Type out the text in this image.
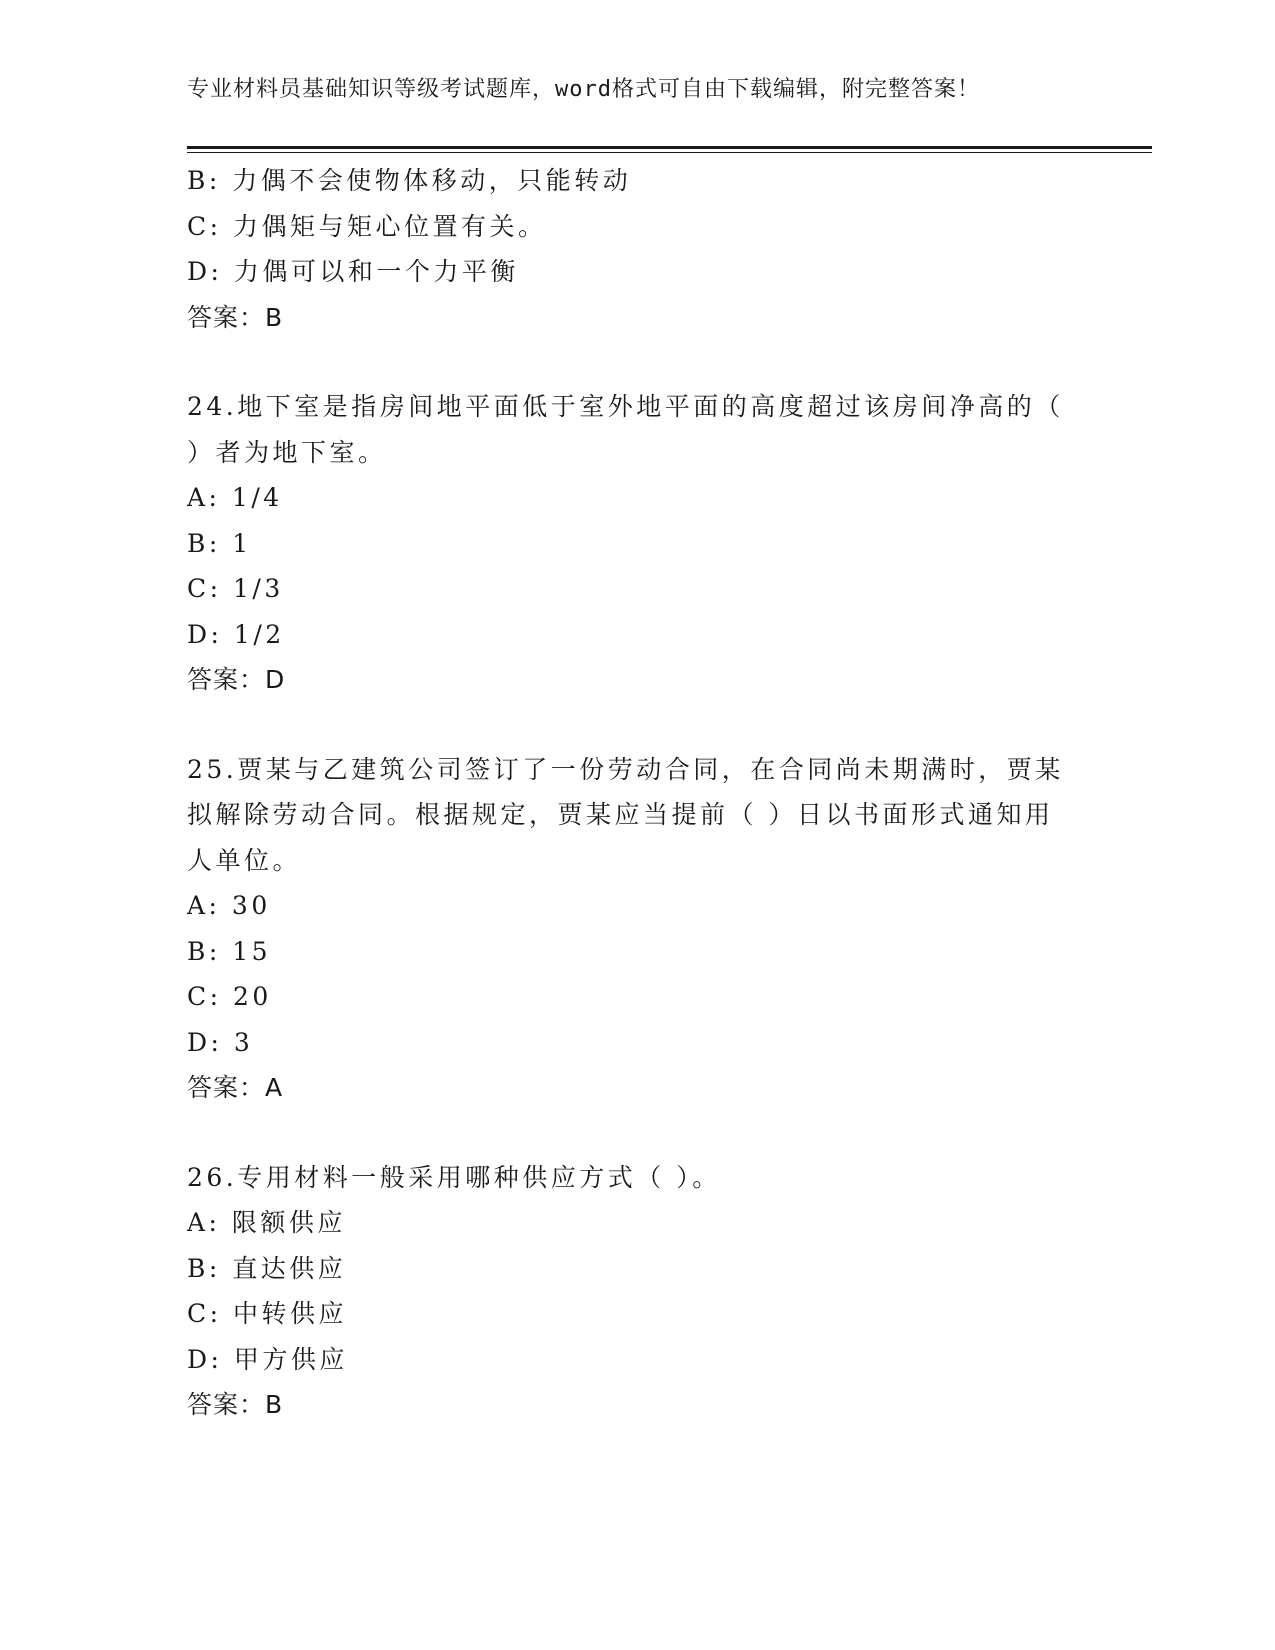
专业材料员基础知识等级考试题库，word格式可自由下载编辑，附完整答案！
B: 力偶不会使物体移动，只能转动
C: 力偶矩与矩心位置有关。
D: 力偶可以和一个力平衡
答案：B
24.地下室是指房间地平面低于室外地平面的高度超过该房间净高的（
）者为地下室。
A: 1/4
B: 1
C: 1/3
D: 1/2
答案：D
25.贾某与乙建筑公司签订了一份劳动合同，在合同尚未期满时，贾某
拟解除劳动合同。根据规定，贾某应当提前（ ）日以书面形式通知用
人单位。
A: 30
B: 15
C: 20
D: 3
答案：A
26.专用材料一般采用哪种供应方式（ ）。
A: 限额供应
B: 直达供应
C: 中转供应
D: 甲方供应
答案：B
